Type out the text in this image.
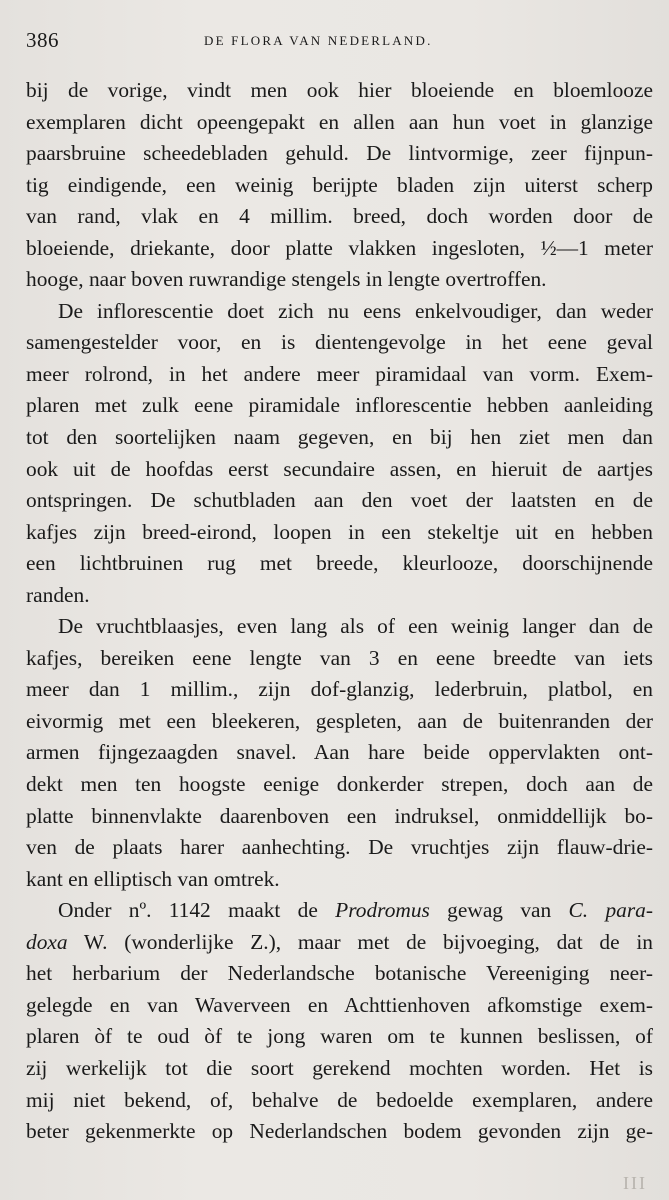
386	DE FLORA VAN NEDERLAND.
bij de vorige, vindt men ook hier bloeiende en bloemlooze
exemplaren dicht opeengepakt en allen aan hun voet in glanzige
paarsbruine scheedebladen gehuld. De lintvormige, zeer fijnpun-
tig eindigende, een weinig berijpte bladen zijn uiterst scherp
van rand, vlak en 4 millim. breed, doch worden door de
bloeiende, driekante, door platte vlakken ingesloten, ½—1 meter
hooge, naar boven ruwrandige stengels in lengte overtroffen.
De inflorescentie doet zich nu eens enkelvoudiger, dan weder
samengestelder voor, en is dientengevolge in het eene geval
meer rolrond, in het andere meer piramidaal van vorm. Exem-
plaren met zulk eene piramidale inflorescentie hebben aanleiding
tot den soortelijken naam gegeven, en bij hen ziet men dan
ook uit de hoofdas eerst secundaire assen, en hieruit de aartjes
ontspringen. De schutbladen aan den voet der laatsten en de
kafjes zijn breed-eirond, loopen in een stekeltje uit en hebben
een lichtbruinen rug met breede, kleurlooze, doorschijnende
randen.
De vruchtblaasjes, even lang als of een weinig langer dan de
kafjes, bereiken eene lengte van 3 en eene breedte van iets
meer dan 1 millim., zijn dof-glanzig, lederbruin, platbol, en
eivormig met een bleekeren, gespleten, aan de buitenranden der
armen fijngezaagden snavel. Aan hare beide oppervlakten ont-
dekt men ten hoogste eenige donkerder strepen, doch aan de
platte binnenvlakte daarenboven een indruksel, onmiddellijk bo-
ven de plaats harer aanhechting. De vruchtjes zijn flauw-drie-
kant en elliptisch van omtrek.
Onder nº. 1142 maakt de Prodromus gewag van C. para-
doxa W. (wonderlijke Z.), maar met de bijvoeging, dat de in
het herbarium der Nederlandsche botanische Vereeniging neer-
gelegde en van Waverveen en Achttienhoven afkomstige exem-
plaren òf te oud òf te jong waren om te kunnen beslissen, of
zij werkelijk tot die soort gerekend mochten worden. Het is
mij niet bekend, of, behalve de bedoelde exemplaren, andere
beter gekenmerkte op Nederlandschen bodem gevonden zijn ge-
III
